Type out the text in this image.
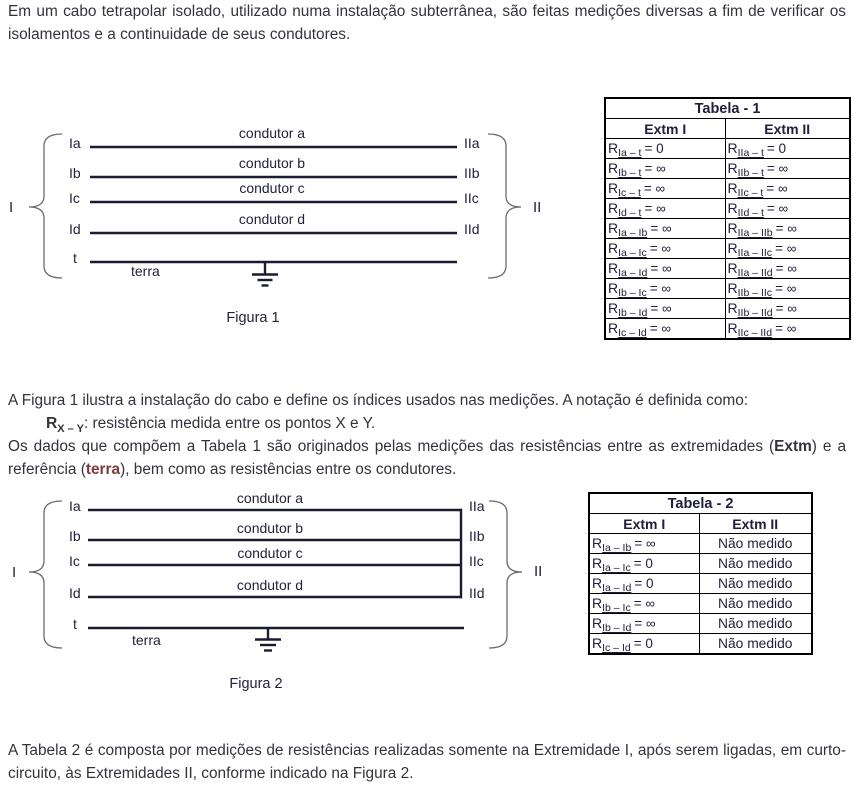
Em um cabo tetrapolar isolado, utilizado numa instalação subterrânea, são feitas medições diversas a fim de verificar os isolamentos e a continuidade de seus condutores.
I	II
Ia
Ib
Ic
Id
t
IIa
IIb
IIc
IId
condutor a
condutor b
condutor c
condutor d
terra
Figura 1
Tabela - 1	
Extm I	Extm II
$R_{Ia - t} = 0$	$R_{IIa - t} = 0$
$R_{Ib - t}$ = ∞	$R_{IIb - t}$ = ∞
$R_{Ic - t}$ = ∞	$R_{IIc - t}$ = ∞
$R_{Id - t}$ = ∞	$R_{IId - t}$ = ∞
$R_{Ia - Ib}$ = ∞	$R_{IIa - IIb}$ = ∞
$R_{Ia - Ic}$ = ∞	$R_{IIa - IIc}$ = ∞
$R_{Ia - Id}$ = ∞	$R_{IIa - IId}$ = ∞
$R_{Ib - Ic}$ = ∞	$R_{IIb - IIc}$ = ∞
$R_{Ib - Id}$ = ∞	$R_{IIb - IId}$ = ∞
$R_{Ic - Id}$ = ∞	$R_{IIc - IId}$ = ∞
A Figura 1 ilustra a instalação do cabo e define os índices usados nas medições. A notação é definida como:
$R_{X - Y}$: resistência medida entre os pontos X e Y.
Os dados que compõem a Tabela 1 são originados pelas medições das resistências entre as extremidades (Extm) e a referência (terra), bem como as resistências entre os condutores.
I	II
Ia
Ib
Ic
Id
t
IIa
IIb
IIc
IId
condutor a
condutor b
condutor c
condutor d
terra
Figura 2
Tabela - 2	
Extm I	Extm II
$R_{Ia - Ib}$ = ∞	Não medido
$R_{Ia - Ic} = 0$	Não medido
$R_{Ia - Id} = 0$	Não medido
$R_{Ib - Ic}$ = ∞	Não medido
$R_{Ib - Id}$ = ∞	Não medido
$R_{Ic - Id} = 0$	Não medido
A Tabela 2 é composta por medições de resistências realizadas somente na Extremidade I, após serem ligadas, em curto-circuito, às Extremidades II, conforme indicado na Figura 2.
